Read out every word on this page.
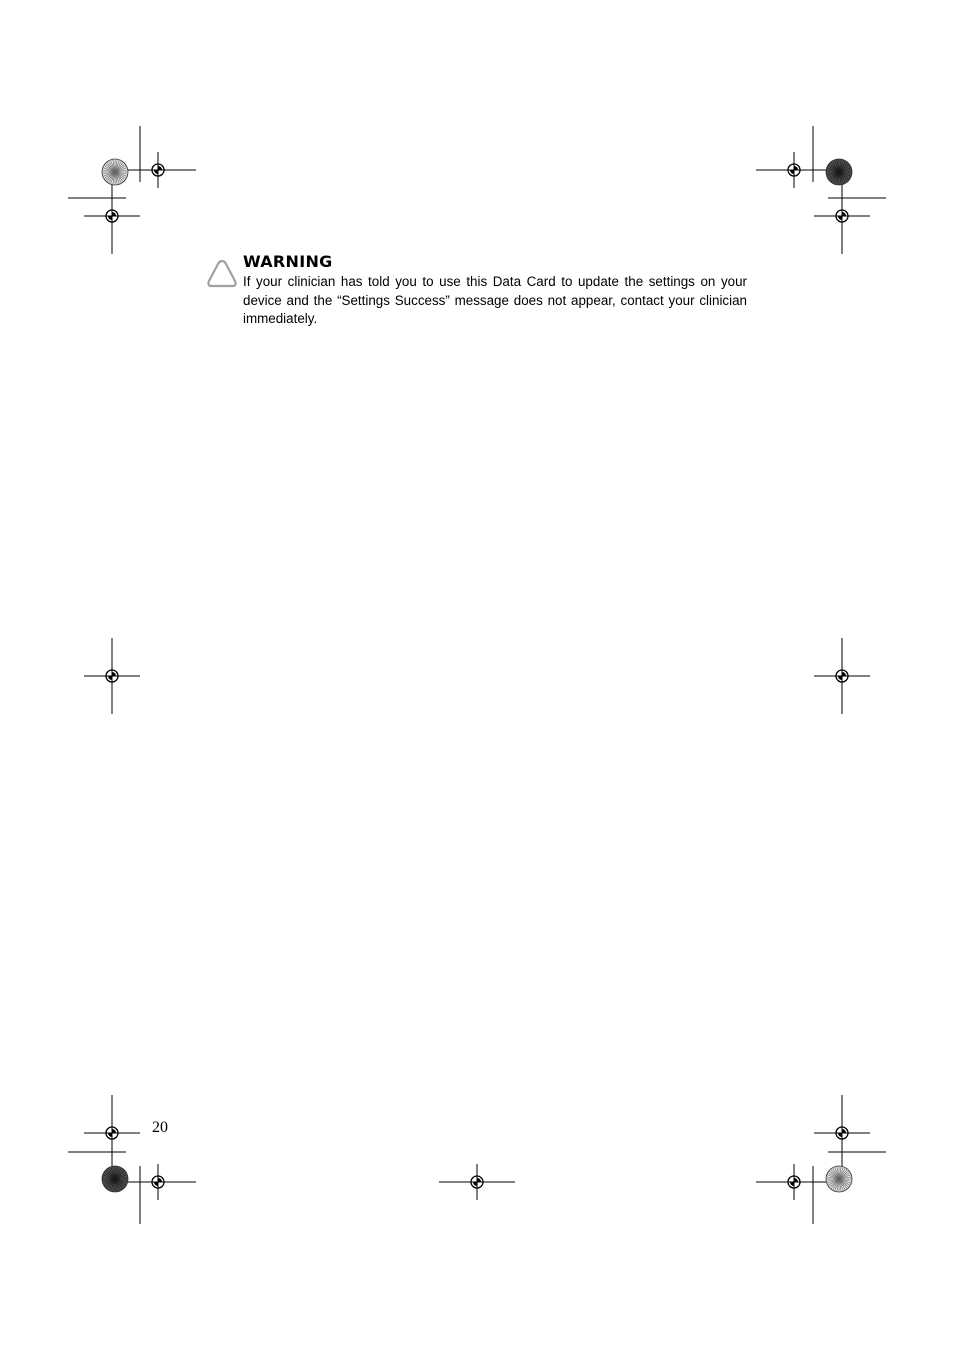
WARNING
If your clinician has told you to use this Data Card to update the settings on your device and the “Settings Success” message does not appear, contact your clinician immediately.
20
